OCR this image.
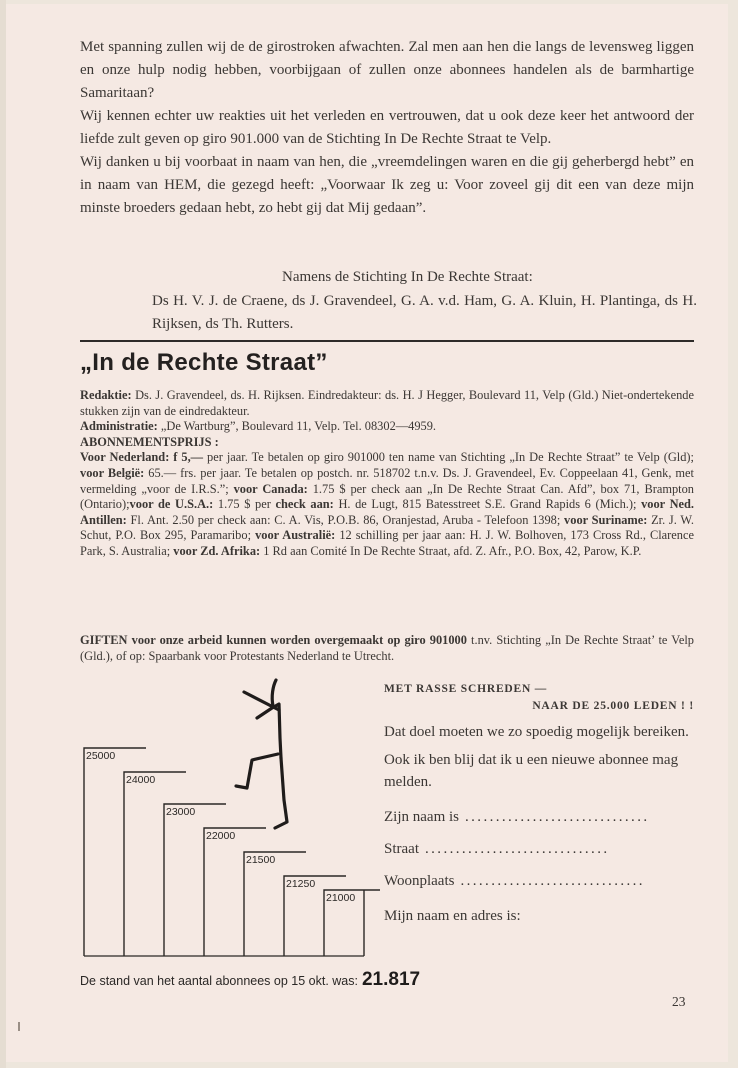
Met spanning zullen wij de de girostroken afwachten. Zal men aan hen die langs de levensweg liggen en onze hulp nodig hebben, voorbijgaan of zullen onze abonnees handelen als de barmhartige Samaritaan?

Wij kennen echter uw reakties uit het verleden en vertrouwen, dat u ook deze keer het antwoord der liefde zult geven op giro 901.000 van de Stichting In De Rechte Straat te Velp.

Wij danken u bij voorbaat in naam van hen, die „vreemdelingen waren en die gij geherbergd hebt” en in naam van HEM, die gezegd heeft: „Voorwaar Ik zeg u: Voor zoveel gij dit een van deze mijn minste broeders gedaan hebt, zo hebt gij dat Mij gedaan”.

Namens de Stichting In De Rechte Straat:
Ds H. V. J. de Craene, ds J. Gravendeel, G. A. v.d. Ham, G. A. Kluin, H. Plantinga, ds H. Rijksen, ds Th. Rutters.
„In de Rechte Straat”

Redaktie: Ds. J. Gravendeel, ds. H. Rijksen. Eindredakteur: ds. H. J Hegger, Boulevard 11, Velp (Gld.) Niet-ondertekende stukken zijn van de eindredakteur.

Administratie: „De Wartburg”, Boulevard 11, Velp. Tel. 08302—4959.

ABONNEMENTSPRIJS :

Voor Nederland: f 5,— per jaar. Te betalen op giro 901000 ten name van Stichting „In De Rechte Straat” te Velp (Gld); voor België: 65.— frs. per jaar. Te betalen op postch. nr. 518702 t.n.v. Ds. J. Gravendeel, Ev. Coppeelaan 41, Genk, met vermelding „voor de I.R.S.”; voor Canada: 1.75 $ per check aan „In De Rechte Straat Can. Afd”, box 71, Brampton (Ontario);voor de U.S.A.: 1.75 $ per check aan: H. de Lugt, 815 Batesstreet S.E. Grand Rapids 6 (Mich.); voor Ned. Antillen: Fl. Ant. 2.50 per check aan: C. A. Vis, P.O.B. 86, Oranjestad, Aruba - Telefoon 1398; voor Suriname: Zr. J. W. Schut, P.O. Box 295, Paramaribo; voor Australië: 12 schilling per jaar aan: H. J. W. Bolhoven, 173 Cross Rd., Clarence Park, S. Australia; voor Zd. Afrika: 1 Rd aan Comité In De Rechte Straat, afd. Z. Afr., P.O. Box, 42, Parow, K.P.

GIFTEN voor onze arbeid kunnen worden overgemaakt op giro 901000 t.nv. Stichting „In De Rechte Straat’ te Velp (Gld.), of op: Spaarbank voor Protestants Nederland te Utrecht.

25000
24000
23000
22000
21500
21250
21000
MET RASSE SCHREDEN —
NAAR DE 25.000 LEDEN ! !

Dat doel moeten we zo spoedig mogelijk bereiken.

Ook ik ben blij dat ik u een nieuwe abonnee mag melden.

Zijn naam is ..............................
Straat ..............................
Woonplaats ..............................

Mijn naam en adres is:

De stand van het aantal abonnees op 15 okt. was: 21.817
23
